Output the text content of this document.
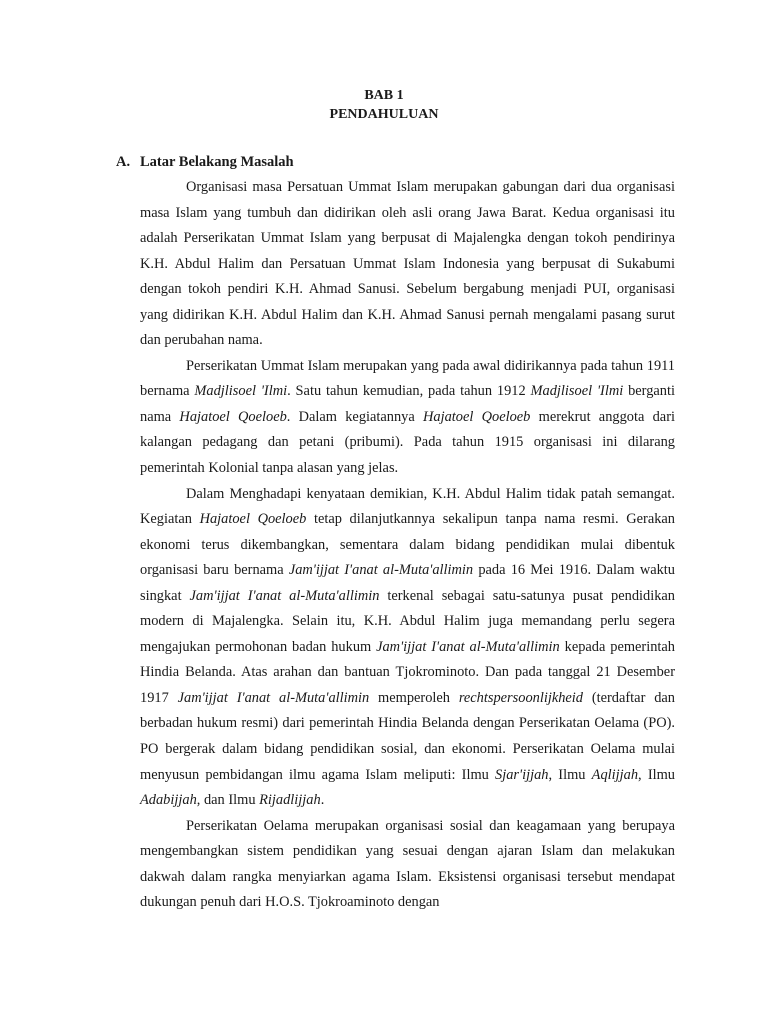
BAB 1
PENDAHULUAN
A. Latar Belakang Masalah

Organisasi masa Persatuan Ummat Islam merupakan gabungan dari dua organisasi masa Islam yang tumbuh dan didirikan oleh asli orang Jawa Barat. Kedua organisasi itu adalah Perserikatan Ummat Islam yang berpusat di Majalengka dengan tokoh pendirinya K.H. Abdul Halim dan Persatuan Ummat Islam Indonesia yang berpusat di Sukabumi dengan tokoh pendiri K.H. Ahmad Sanusi. Sebelum bergabung menjadi PUI, organisasi yang didirikan K.H. Abdul Halim dan K.H. Ahmad Sanusi pernah mengalami pasang surut dan perubahan nama.

Perserikatan Ummat Islam merupakan yang pada awal didirikannya pada tahun 1911 bernama Madjlisoel 'Ilmi. Satu tahun kemudian, pada tahun 1912 Madjlisoel 'Ilmi berganti nama Hajatoel Qoeloeb. Dalam kegiatannya Hajatoel Qoeloeb merekrut anggota dari kalangan pedagang dan petani (pribumi). Pada tahun 1915 organisasi ini dilarang pemerintah Kolonial tanpa alasan yang jelas.

Dalam Menghadapi kenyataan demikian, K.H. Abdul Halim tidak patah semangat. Kegiatan Hajatoel Qoeloeb tetap dilanjutkannya sekalipun tanpa nama resmi. Gerakan ekonomi terus dikembangkan, sementara dalam bidang pendidikan mulai dibentuk organisasi baru bernama Jam'ijjat I'anat al-Muta'allimin pada 16 Mei 1916. Dalam waktu singkat Jam'ijjat I'anat al-Muta'allimin terkenal sebagai satu-satunya pusat pendidikan modern di Majalengka. Selain itu, K.H. Abdul Halim juga memandang perlu segera mengajukan permohonan badan hukum Jam'ijjat I'anat al-Muta'allimin kepada pemerintah Hindia Belanda. Atas arahan dan bantuan Tjokrominoto. Dan pada tanggal 21 Desember 1917 Jam'ijjat I'anat al-Muta'allimin memperoleh rechtspersoonlijkheid (terdaftar dan berbadan hukum resmi) dari pemerintah Hindia Belanda dengan Perserikatan Oelama (PO). PO bergerak dalam bidang pendidikan sosial, dan ekonomi. Perserikatan Oelama mulai menyusun pembidangan ilmu agama Islam meliputi: Ilmu Sjar'ijjah, Ilmu Aqlijjah, Ilmu Adabijjah, dan Ilmu Rijadlijjah.

Perserikatan Oelama merupakan organisasi sosial dan keagamaan yang berupaya mengembangkan sistem pendidikan yang sesuai dengan ajaran Islam dan melakukan dakwah dalam rangka menyiarkan agama Islam. Eksistensi organisasi tersebut mendapat dukungan penuh dari H.O.S. Tjokroaminoto dengan
